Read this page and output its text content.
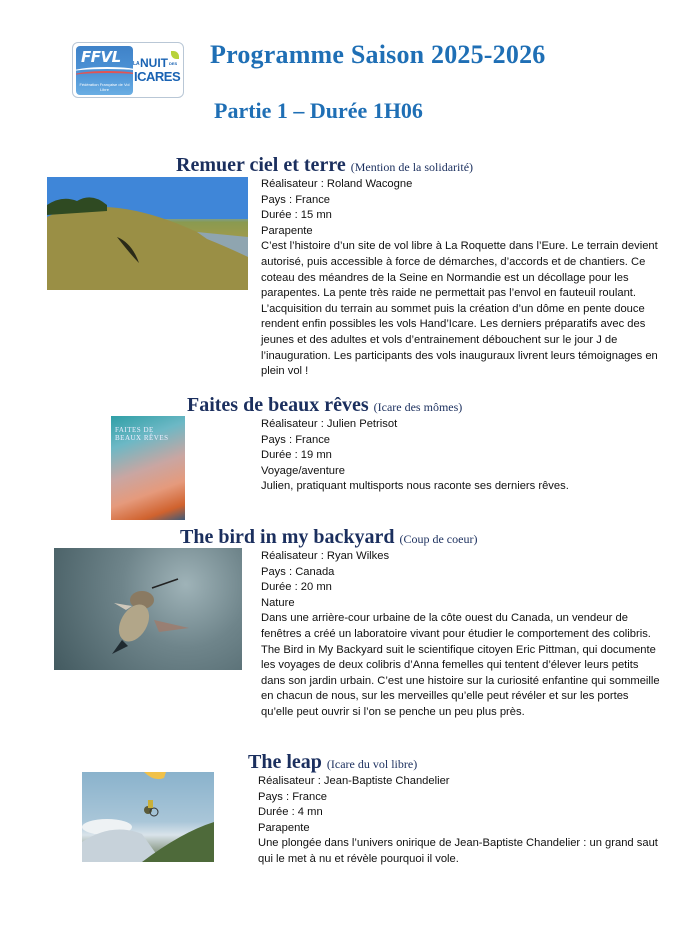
FFVL
Fédération Française de Vol Libre
LA NUIT DES
ICARES
Programme Saison 2025-2026
Partie 1 – Durée 1H06
Remuer ciel et terre (Mention de la solidarité)
Réalisateur : Roland Wacogne
Pays : France
Durée : 15 mn
Parapente
C’est l’histoire d’un site de vol libre à La Roquette dans l’Eure. Le terrain devient autorisé, puis accessible à force de démarches, d’accords et de chantiers. Ce coteau des méandres de la Seine en Normandie est un décollage pour les parapentes. La pente très raide ne permettait pas l’envol en fauteuil roulant. L’acquisition du terrain au sommet puis la création d’un dôme en pente douce rendent enfin possibles les vols Hand’Icare. Les derniers préparatifs avec des jeunes et des adultes et vols d’entrainement débouchent sur le jour J de l’inauguration. Les participants des vols inauguraux livrent leurs témoignages en plein vol !
Faites de beaux rêves (Icare des mômes)
FAITES DE BEAUX RÊVES
Réalisateur : Julien Petrisot
Pays : France
Durée : 19 mn
Voyage/aventure
Julien, pratiquant multisports nous raconte ses derniers rêves.
The bird in my backyard (Coup de coeur)
Réalisateur : Ryan Wilkes
Pays : Canada
Durée : 20 mn
Nature
Dans une arrière-cour urbaine de la côte ouest du Canada, un vendeur de fenêtres a créé un laboratoire vivant pour étudier le comportement des colibris. The Bird in My Backyard suit le scientifique citoyen Eric Pittman, qui documente les voyages de deux colibris d’Anna femelles qui tentent d’élever leurs petits dans son jardin urbain. C’est une histoire sur la curiosité enfantine qui sommeille en chacun de nous, sur les merveilles qu’elle peut révéler et sur les portes qu’elle peut ouvrir si l’on se penche un peu plus près.
The leap (Icare du vol libre)
Réalisateur : Jean-Baptiste Chandelier
Pays : France
Durée : 4 mn
Parapente
Une plongée dans l’univers onirique de Jean-Baptiste Chandelier : un grand saut qui le met à nu et révèle pourquoi il vole.
